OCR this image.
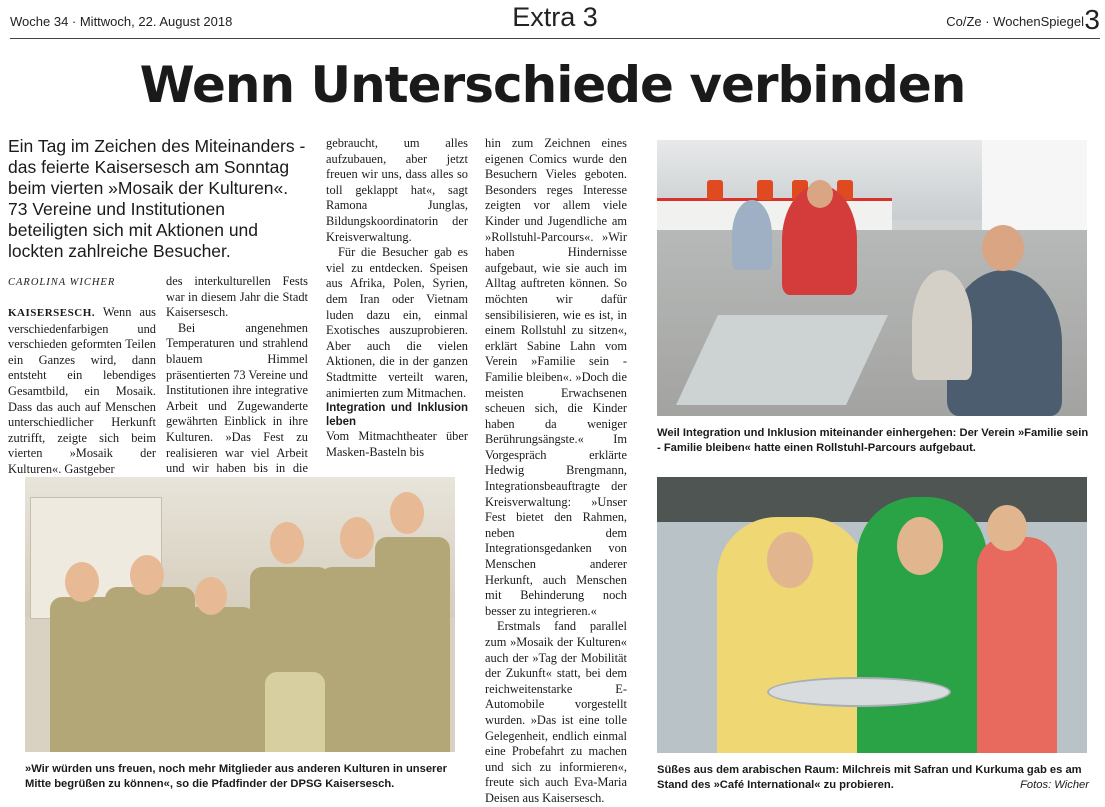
Woche 34 · Mittwoch, 22. August 2018	Extra 3	Co/Ze · WochenSpiegel 3
Wenn Unterschiede verbinden
Ein Tag im Zeichen des Miteinanders - das feierte Kaisersesch am Sonntag beim vierten »Mosaik der Kulturen«. 73 Vereine und Institutionen beteiligten sich mit Aktionen und lockten zahlreiche Besucher.
CAROLINA WICHER

KAISERSESCH. Wenn aus verschiedenfarbigen und verschieden geformten Teilen ein Ganzes wird, dann entsteht ein lebendiges Gesamtbild, ein Mosaik. Dass das auch auf Menschen unterschiedlicher Herkunft zutrifft, zeigte sich beim vierten »Mosaik der Kulturen«. Gastgeber

des interkulturellen Fests war in diesem Jahr die Stadt Kaisersesch.

Bei angenehmen Temperaturen und strahlend blauem Himmel präsentierten 73 Vereine und Institutionen ihre integrative Arbeit und Zugewanderte gewährten Einblick in ihre Kulturen. »Das Fest zu realisieren war viel Arbeit und wir haben bis in die

gebraucht, um alles aufzubauen, aber jetzt freuen wir uns, dass alles so toll geklappt hat«, sagt Ramona Junglas, Bildungskoordinatorin der Kreisverwaltung.

Für die Besucher gab es viel zu entdecken. Speisen aus Afrika, Polen, Syrien, dem Iran oder Vietnam luden dazu ein, einmal Exotisches auszuprobieren. Aber auch die vielen Aktionen, die in der ganzen Stadtmitte verteilt waren, animierten zum Mitmachen.

Integration und Inklusion leben

Vom Mitmachtheater über Masken-Basteln bis

hin zum Zeichnen eines eigenen Comics wurde den Besuchern Vieles geboten. Besonders reges Interesse zeigten vor allem viele Kinder und Jugendliche am »Rollstuhl-Parcours«. »Wir haben Hindernisse aufgebaut, wie sie auch im Alltag auftreten können. So möchten wir dafür sensibilisieren, wie es ist, in einem Rollstuhl zu sitzen«, erklärt Sabine Lahn vom Verein »Familie sein - Familie bleiben«. »Doch die meisten Erwachsenen scheuen sich, die Kinder haben da weniger Berührungsängste.« Im Vorgespräch erklärte Hedwig Brengmann, Integrationsbeauftragte der Kreisverwaltung: »Unser Fest bietet den Rahmen, neben dem Integrationsgedanken von Menschen anderer Herkunft, auch Menschen mit Behinderung noch besser zu integrieren.«

Erstmals fand parallel zum »Mosaik der Kulturen« auch der »Tag der Mobilität der Zukunft« statt, bei dem reichweitenstarke E-Automobile vorgestellt wurden. »Das ist eine tolle Gelegenheit, endlich einmal eine Probefahrt zu machen und sich zu informieren«, freute sich auch Eva-Maria Deisen aus Kaisersesch.

Weil Integration und Inklusion miteinander einhergehen: Der Verein »Familie sein - Familie bleiben« hatte einen Rollstuhl-Parcours aufgebaut.
»Wir würden uns freuen, noch mehr Mitglieder aus anderen Kulturen in unserer Mitte begrüßen zu können«, so die Pfadfinder der DPSG Kaisersesch.
Süßes aus dem arabischen Raum: Milchreis mit Safran und Kurkuma gab es am Stand des »Café International« zu probieren.	Fotos: Wicher
